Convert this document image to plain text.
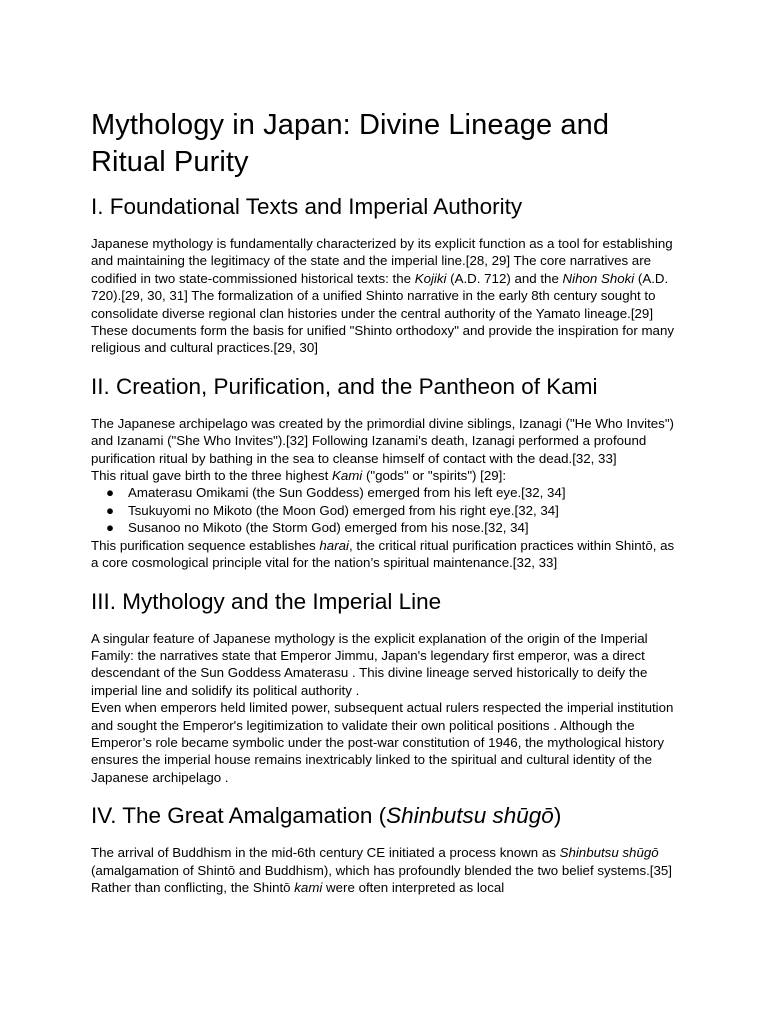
Mythology in Japan: Divine Lineage and Ritual Purity
I. Foundational Texts and Imperial Authority

Japanese mythology is fundamentally characterized by its explicit function as a tool for establishing and maintaining the legitimacy of the state and the imperial line.[28, 29] The core narratives are codified in two state-commissioned historical texts: the Kojiki (A.D. 712) and the Nihon Shoki (A.D. 720).[29, 30, 31] The formalization of a unified Shinto narrative in the early 8th century sought to consolidate diverse regional clan histories under the central authority of the Yamato lineage.[29] These documents form the basis for unified "Shinto orthodoxy" and provide the inspiration for many religious and cultural practices.[29, 30]

II. Creation, Purification, and the Pantheon of Kami

The Japanese archipelago was created by the primordial divine siblings, Izanagi ("He Who Invites") and Izanami ("She Who Invites").[32] Following Izanami's death, Izanagi performed a profound purification ritual by bathing in the sea to cleanse himself of contact with the dead.[32, 33]

This ritual gave birth to the three highest Kami ("gods" or "spirits") [29]:

● Amaterasu Omikami (the Sun Goddess) emerged from his left eye.[32, 34]
● Tsukuyomi no Mikoto (the Moon God) emerged from his right eye.[32, 34]
● Susanoo no Mikoto (the Storm God) emerged from his nose.[32, 34]

This purification sequence establishes harai, the critical ritual purification practices within Shintō, as a core cosmological principle vital for the nation’s spiritual maintenance.[32, 33]

III. Mythology and the Imperial Line

A singular feature of Japanese mythology is the explicit explanation of the origin of the Imperial Family: the narratives state that Emperor Jimmu, Japan's legendary first emperor, was a direct descendant of the Sun Goddess Amaterasu . This divine lineage served historically to deify the imperial line and solidify its political authority .

Even when emperors held limited power, subsequent actual rulers respected the imperial institution and sought the Emperor's legitimization to validate their own political positions . Although the Emperor’s role became symbolic under the post-war constitution of 1946, the mythological history ensures the imperial house remains inextricably linked to the spiritual and cultural identity of the Japanese archipelago .

IV. The Great Amalgamation (Shinbutsu shūgō)

The arrival of Buddhism in the mid-6th century CE initiated a process known as Shinbutsu shūgō (amalgamation of Shintō and Buddhism), which has profoundly blended the two belief systems.[35] Rather than conflicting, the Shintō kami were often interpreted as local
